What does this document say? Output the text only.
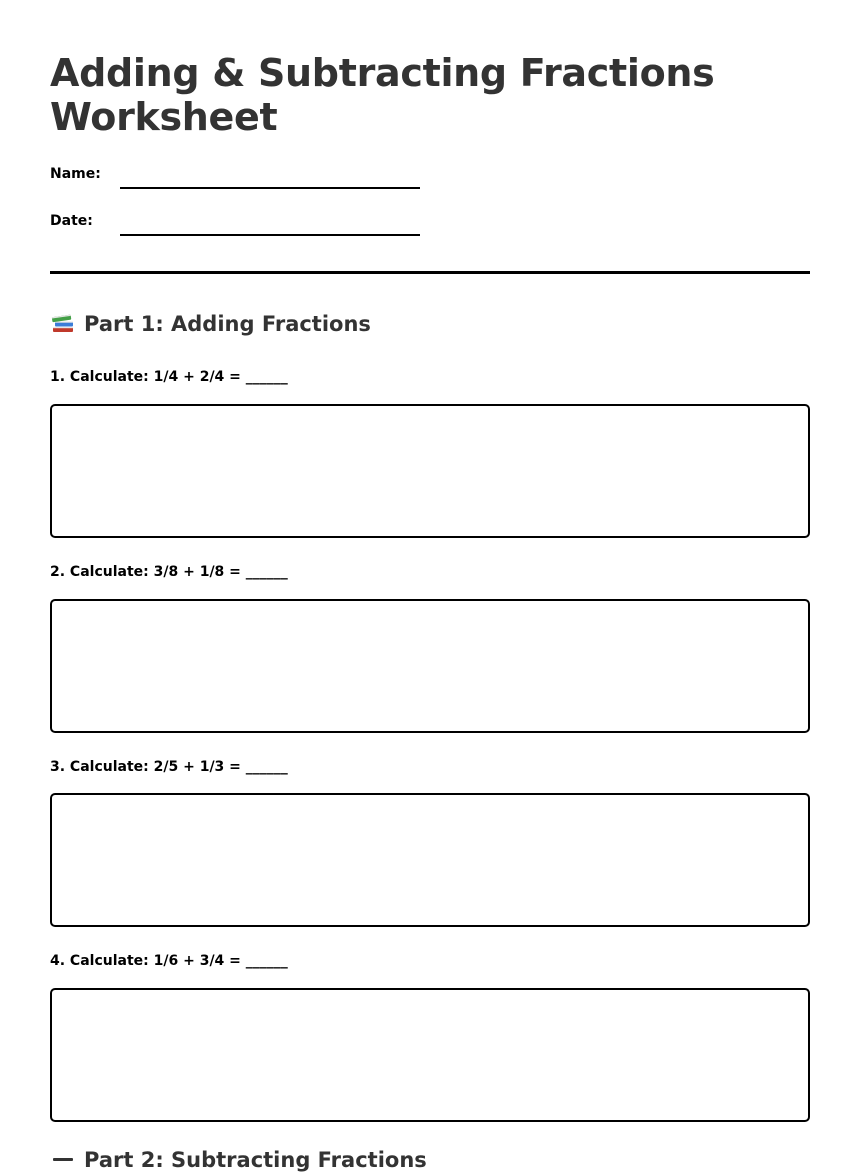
Adding & Subtracting Fractions Worksheet
Name:
Date:
Part 1: Adding Fractions
1. Calculate: 1/4 + 2/4 = ______
2. Calculate: 3/8 + 1/8 = ______
3. Calculate: 2/5 + 1/3 = ______
4. Calculate: 1/6 + 3/4 = ______
Part 2: Subtracting Fractions
